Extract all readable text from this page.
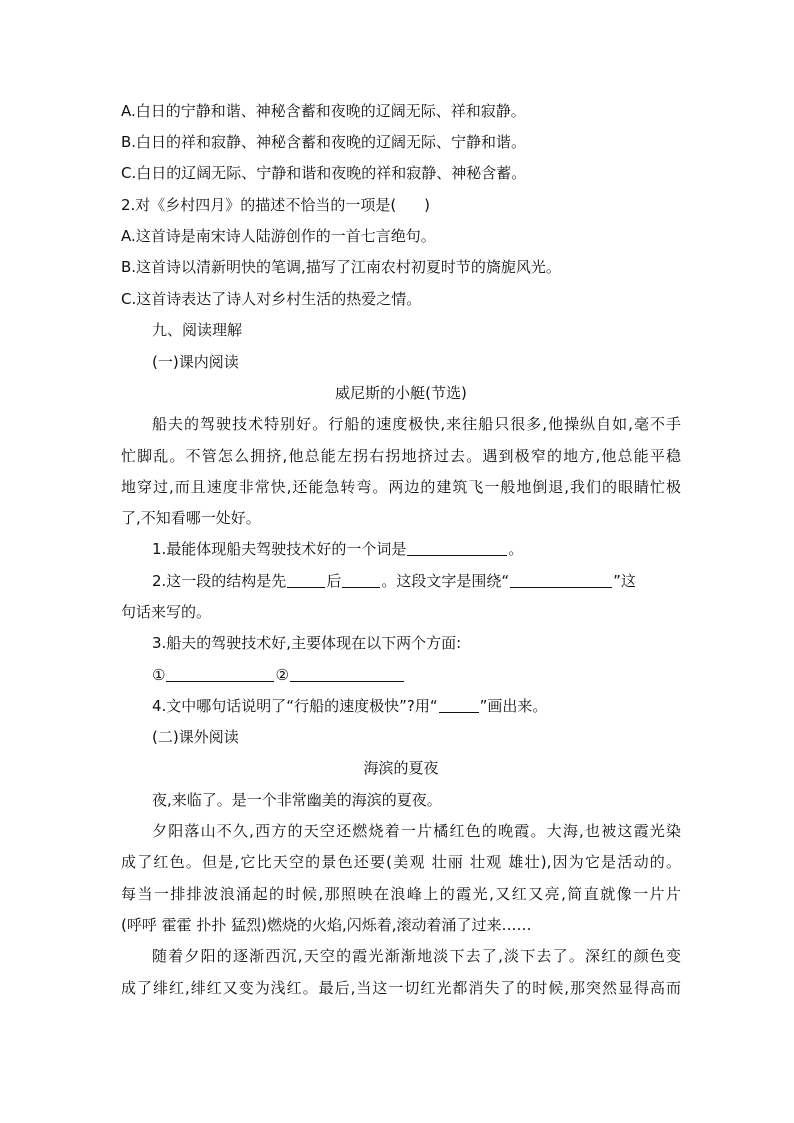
A.白日的宁静和谐、神秘含蓄和夜晚的辽阔无际、祥和寂静。
B.白日的祥和寂静、神秘含蓄和夜晚的辽阔无际、宁静和谐。
C.白日的辽阔无际、宁静和谐和夜晚的祥和寂静、神秘含蓄。
2.对《乡村四月》的描述不恰当的一项是( )
A.这首诗是南宋诗人陆游创作的一首七言绝句。
B.这首诗以清新明快的笔调,描写了江南农村初夏时节的旖旎风光。
C.这首诗表达了诗人对乡村生活的热爱之情。
九、阅读理解
(一)课内阅读
威尼斯的小艇(节选)
船夫的驾驶技术特别好。行船的速度极快,来往船只很多,他操纵自如,毫不手
忙脚乱。不管怎么拥挤,他总能左拐右拐地挤过去。遇到极窄的地方,他总能平稳
地穿过,而且速度非常快,还能急转弯。两边的建筑飞一般地倒退,我们的眼睛忙极
了,不知看哪一处好。
1.最能体现船夫驾驶技术好的一个词是	。
2.这一段的结构是先	后	。这段文字是围绕“	”这
句话来写的。
3.船夫的驾驶技术好,主要体现在以下两个方面:
①	②
4.文中哪句话说明了“行船的速度极快”?用“	”画出来。
(二)课外阅读
海滨的夏夜
夜,来临了。是一个非常幽美的海滨的夏夜。
夕阳落山不久,西方的天空还燃烧着一片橘红色的晚霞。大海,也被这霞光染
成了红色。但是,它比天空的景色还要(美观 壮丽 壮观 雄壮),因为它是活动的。
每当一排排波浪涌起的时候,那照映在浪峰上的霞光,又红又亮,简直就像一片片
(呼呼 霍霍 扑扑 猛烈)燃烧的火焰,闪烁着,滚动着涌了过来……
随着夕阳的逐渐西沉,天空的霞光渐渐地淡下去了,淡下去了。深红的颜色变
成了绯红,绯红又变为浅红。最后,当这一切红光都消失了的时候,那突然显得高而
